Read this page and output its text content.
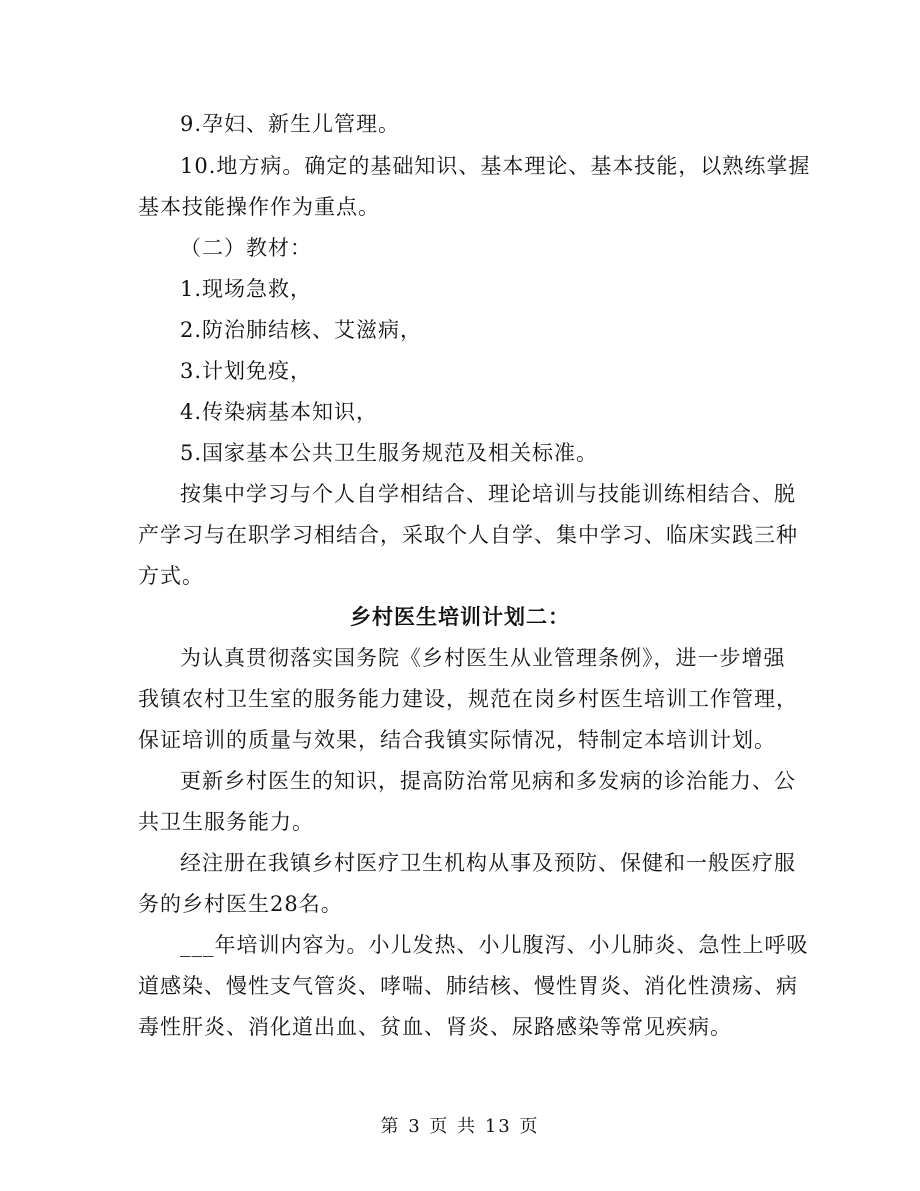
9.孕妇、新生儿管理。
10.地方病。确定的基础知识、基本理论、基本技能，以熟练掌握
基本技能操作作为重点。
（二）教材：
1.现场急救，
2.防治肺结核、艾滋病，
3.计划免疫，
4.传染病基本知识，
5.国家基本公共卫生服务规范及相关标准。
按集中学习与个人自学相结合、理论培训与技能训练相结合、脱
产学习与在职学习相结合，采取个人自学、集中学习、临床实践三种
方式。
乡村医生培训计划二：
为认真贯彻落实国务院《乡村医生从业管理条例》，进一步增强
我镇农村卫生室的服务能力建设，规范在岗乡村医生培训工作管理，
保证培训的质量与效果，结合我镇实际情况，特制定本培训计划。
更新乡村医生的知识，提高防治常见病和多发病的诊治能力、公
共卫生服务能力。
经注册在我镇乡村医疗卫生机构从事及预防、保健和一般医疗服
务的乡村医生28名。
___年培训内容为。小儿发热、小儿腹泻、小儿肺炎、急性上呼吸
道感染、慢性支气管炎、哮喘、肺结核、慢性胃炎、消化性溃疡、病
毒性肝炎、消化道出血、贫血、肾炎、尿路感染等常见疾病。
第 3 页 共 13 页
